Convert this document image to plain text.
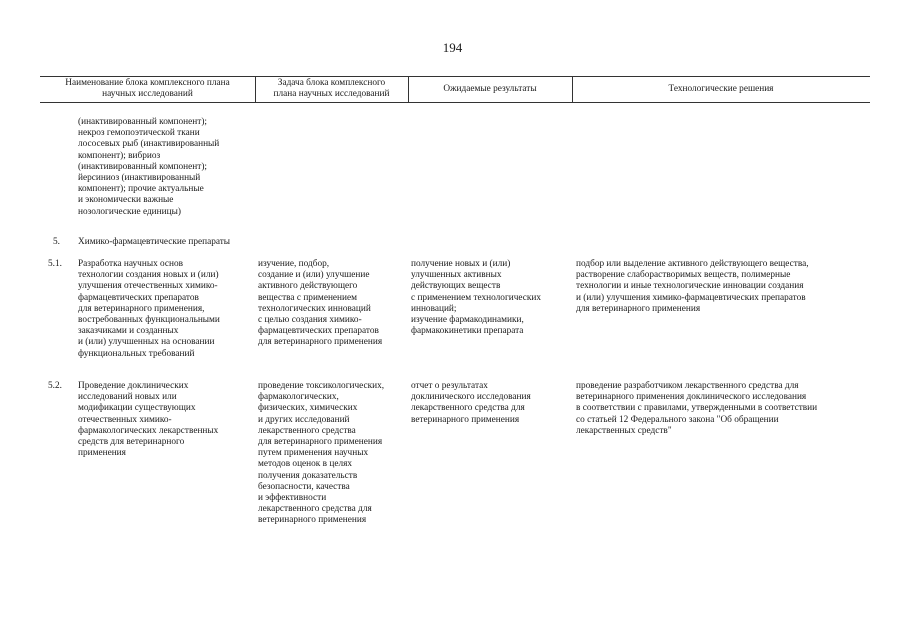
194
Наименование блока комплексного плана
научных исследований
Задача блока комплексного
плана научных исследований	Ожидаемые результаты	Технологические решения
(инактивированный компонент);
некроз гемопоэтической ткани
лососевых рыб (инактивированный
компонент); вибриоз
(инактивированный компонент);
йерсиниоз (инактивированный
компонент); прочие актуальные
и экономически важные
нозологические единицы)
5. Химико-фармацевтические препараты
5.1. Разработка научных основ
технологии создания новых и (или)
улучшения отечественных химико-
фармацевтических препаратов
для ветеринарного применения,
востребованных функциональными
заказчиками и созданных
и (или) улучшенных на основании
функциональных требований
изучение, подбор,
создание и (или) улучшение
активного действующего
вещества с применением
технологических инноваций
с целью создания химико-
фармацевтических препаратов
для ветеринарного применения
получение новых и (или)
улучшенных активных
действующих веществ
с применением технологических
инноваций;
изучение фармакодинамики,
фармакокинетики препарата
подбор или выделение активного действующего вещества,
растворение слаборастворимых веществ, полимерные
технологии и иные технологические инновации создания
и (или) улучшения химико-фармацевтических препаратов
для ветеринарного применения
5.2. Проведение доклинических
исследований новых или
модификации существующих
отечественных химико-
фармакологических лекарственных
средств для ветеринарного
применения
проведение токсикологических,
фармакологических,
физических, химических
и других исследований
лекарственного средства
для ветеринарного применения
путем применения научных
методов оценок в целях
получения доказательств
безопасности, качества
и эффективности
лекарственного средства для
ветеринарного применения
отчет о результатах
доклинического исследования
лекарственного средства для
ветеринарного применения
проведение разработчиком лекарственного средства для
ветеринарного применения доклинического исследования
в соответствии с правилами, утвержденными в соответствии
со статьей 12 Федерального закона "Об обращении
лекарственных средств"
